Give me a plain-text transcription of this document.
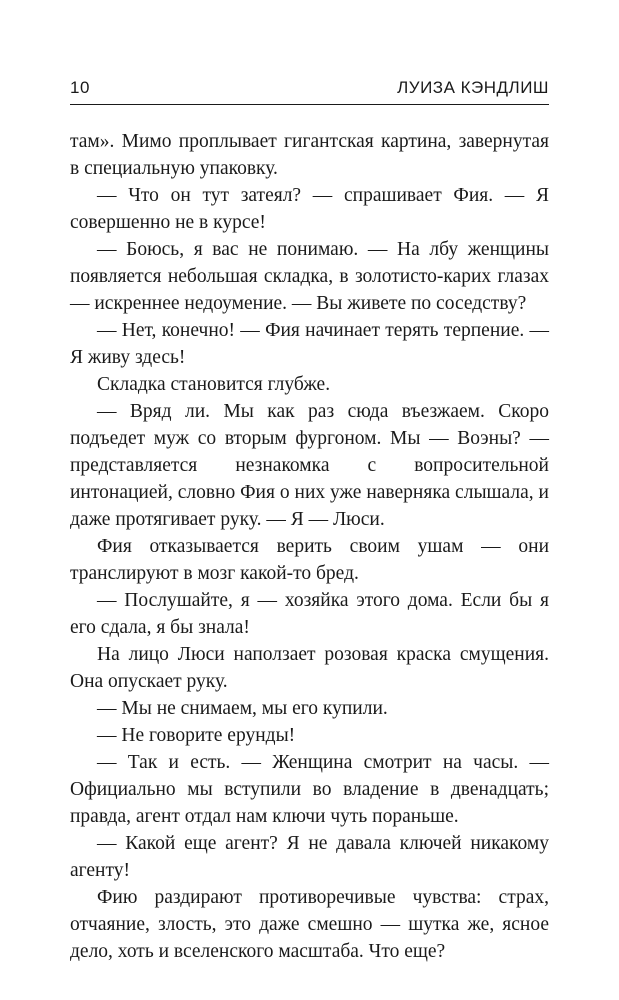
10	ЛУИЗА КЭНДЛИШ

там». Мимо проплывает гигантская картина, завернутая в специальную упаковку.

— Что он тут затеял? — спрашивает Фия. — Я совершенно не в курсе!

— Боюсь, я вас не понимаю. — На лбу женщины появляется небольшая складка, в золотисто-карих глазах — искреннее недоумение. — Вы живете по соседству?

— Нет, конечно! — Фия начинает терять терпение. — Я живу здесь!

Складка становится глубже.

— Вряд ли. Мы как раз сюда въезжаем. Скоро подъедет муж со вторым фургоном. Мы — Воэны? — представляется незнакомка с вопросительной интонацией, словно Фия о них уже наверняка слышала, и даже протягивает руку. — Я — Люси.

Фия отказывается верить своим ушам — они транслируют в мозг какой-то бред.

— Послушайте, я — хозяйка этого дома. Если бы я его сдала, я бы знала!

На лицо Люси наползает розовая краска смущения. Она опускает руку.

— Мы не снимаем, мы его купили.

— Не говорите ерунды!

— Так и есть. — Женщина смотрит на часы. — Официально мы вступили во владение в двенадцать; правда, агент отдал нам ключи чуть пораньше.

— Какой еще агент? Я не давала ключей никакому агенту!

Фию раздирают противоречивые чувства: страх, отчаяние, злость, это даже смешно — шутка же, ясное дело, хоть и вселенского масштаба. Что еще?
